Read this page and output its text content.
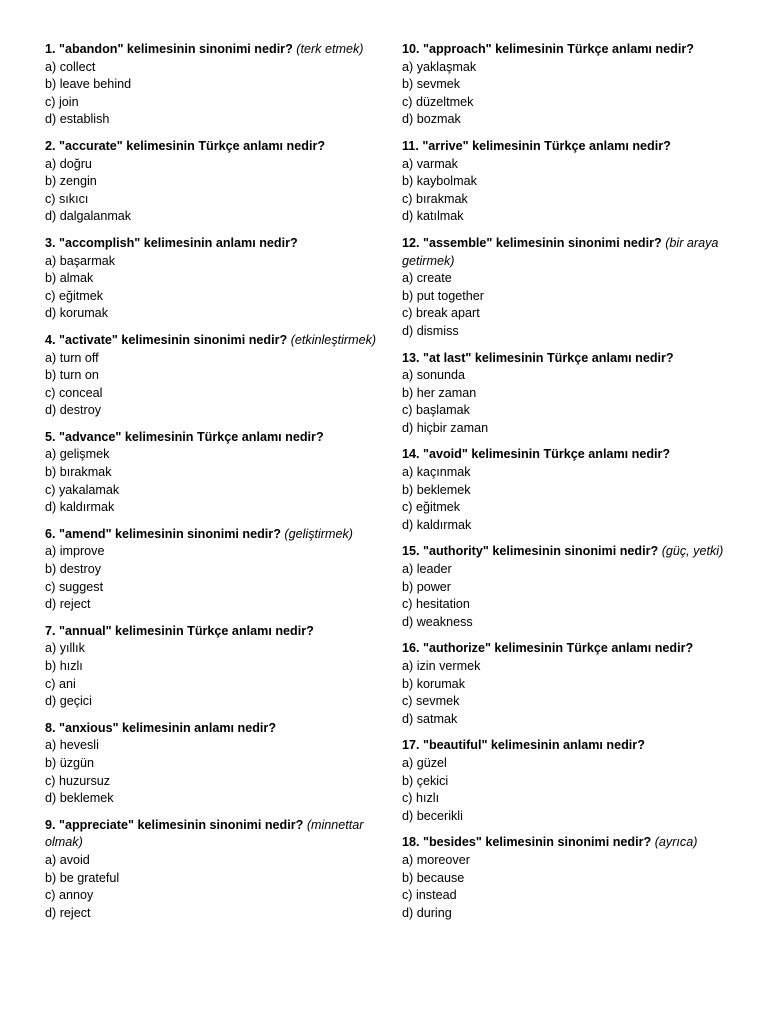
1. "abandon" kelimesinin sinonimi nedir? (terk etmek)

a) collect
b) leave behind
c) join
d) establish

2. "accurate" kelimesinin Türkçe anlamı nedir?

a) doğru
b) zengin
c) sıkıcı
d) dalgalanmak

3. "accomplish" kelimesinin anlamı nedir?

a) başarmak
b) almak
c) eğitmek
d) korumak

4. "activate" kelimesinin sinonimi nedir? (etkinleştirmek)

a) turn off
b) turn on
c) conceal
d) destroy

5. "advance" kelimesinin Türkçe anlamı nedir?

a) gelişmek
b) bırakmak
c) yakalamak
d) kaldırmak

6. "amend" kelimesinin sinonimi nedir? (geliştirmek)

a) improve
b) destroy
c) suggest
d) reject

7. "annual" kelimesinin Türkçe anlamı nedir?

a) yıllık
b) hızlı
c) ani
d) geçici

8. "anxious" kelimesinin anlamı nedir?

a) hevesli
b) üzgün
c) huzursuz
d) beklemek

9. "appreciate" kelimesinin sinonimi nedir? (minnettar olmak)

a) avoid
b) be grateful
c) annoy
d) reject

10. "approach" kelimesinin Türkçe anlamı nedir?

a) yaklaşmak
b) sevmek
c) düzeltmek
d) bozmak

11. "arrive" kelimesinin Türkçe anlamı nedir?

a) varmak
b) kaybolmak
c) bırakmak
d) katılmak

12. "assemble" kelimesinin sinonimi nedir? (bir araya getirmek)

a) create
b) put together
c) break apart
d) dismiss

13. "at last" kelimesinin Türkçe anlamı nedir?

a) sonunda
b) her zaman
c) başlamak
d) hiçbir zaman

14. "avoid" kelimesinin Türkçe anlamı nedir?

a) kaçınmak
b) beklemek
c) eğitmek
d) kaldırmak

15. "authority" kelimesinin sinonimi nedir? (güç, yetki)

a) leader
b) power
c) hesitation
d) weakness

16. "authorize" kelimesinin Türkçe anlamı nedir?

a) izin vermek
b) korumak
c) sevmek
d) satmak

17. "beautiful" kelimesinin anlamı nedir?

a) güzel
b) çekici
c) hızlı
d) becerikli

18. "besides" kelimesinin sinonimi nedir? (ayrıca)

a) moreover
b) because
c) instead
d) during
